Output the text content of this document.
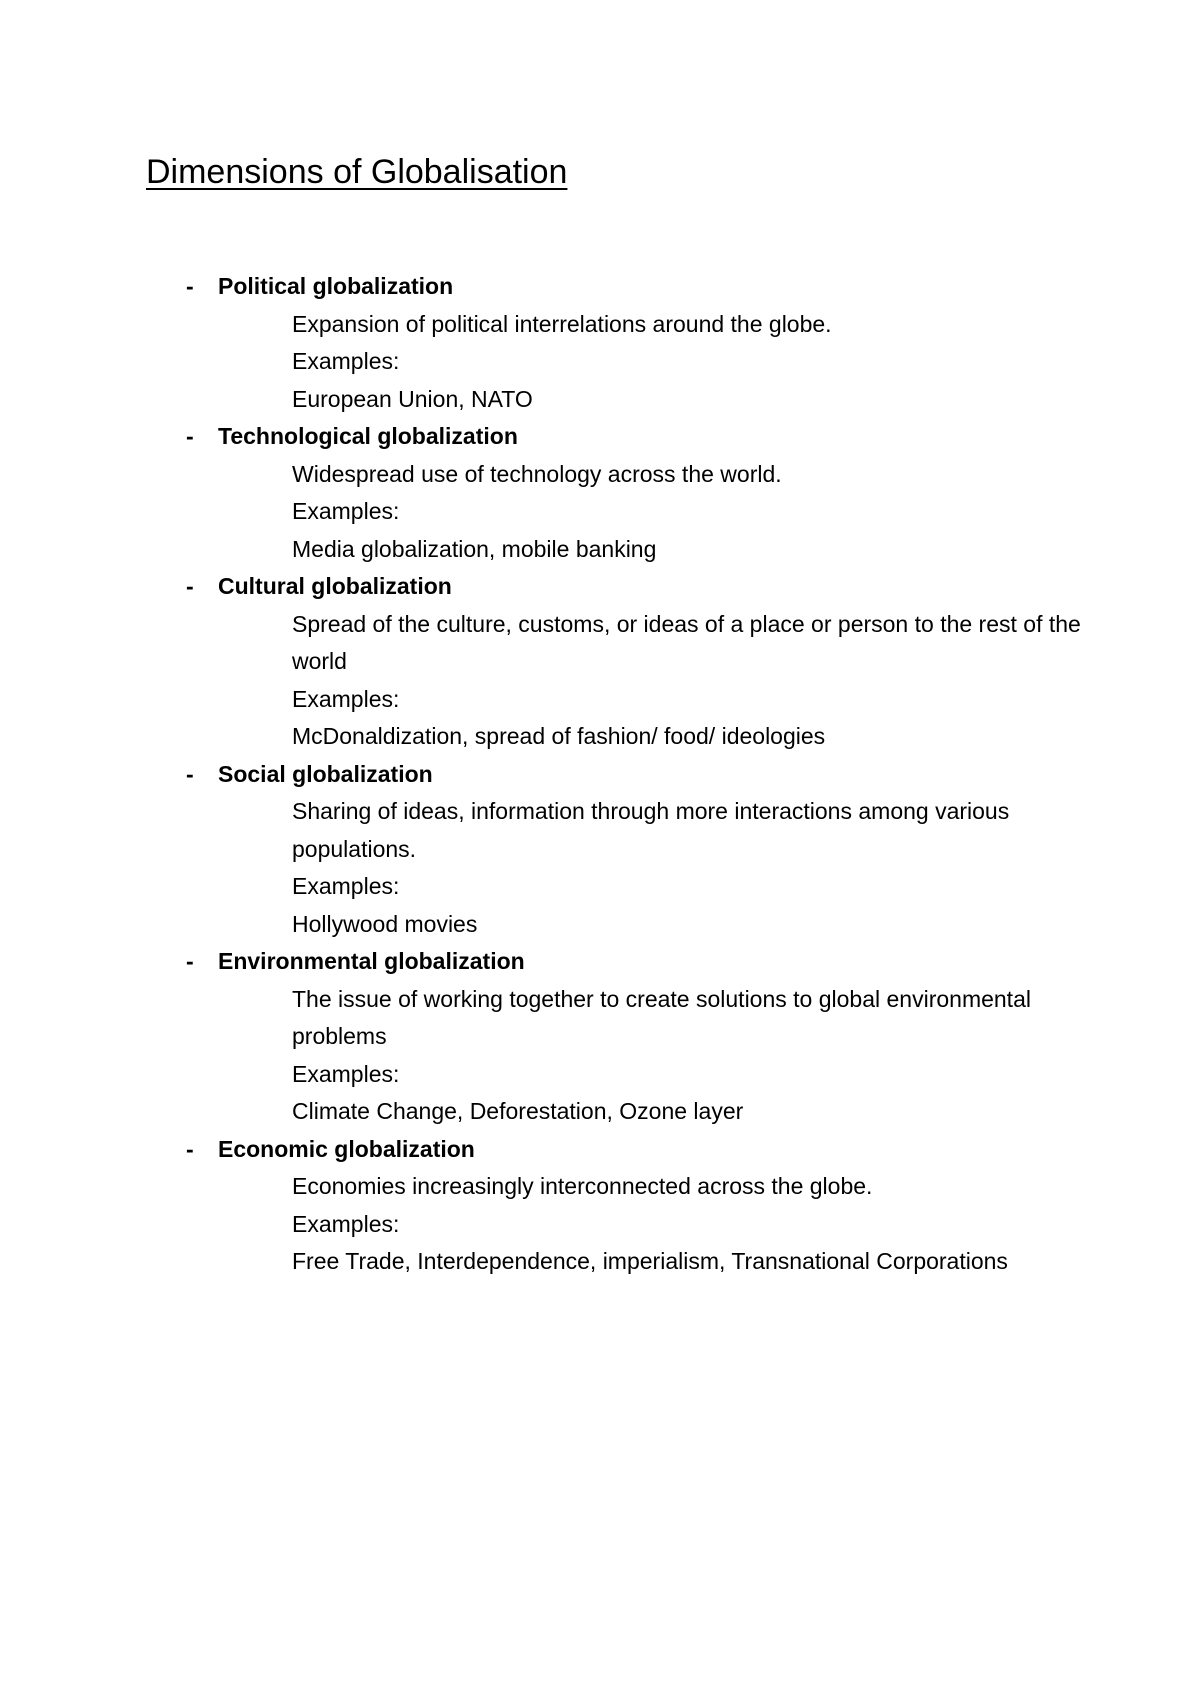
Dimensions of Globalisation
- Political globalization
Expansion of political interrelations around the globe.
Examples:
European Union, NATO
- Technological globalization
Widespread use of technology across the world.
Examples:
Media globalization, mobile banking
- Cultural globalization
Spread of the culture, customs, or ideas of a place or person to the rest of the world
Examples:
McDonaldization, spread of fashion/ food/ ideologies
- Social globalization
Sharing of ideas, information through more interactions among various populations.
Examples:
Hollywood movies
- Environmental globalization
The issue of working together to create solutions to global environmental problems
Examples:
Climate Change, Deforestation, Ozone layer
- Economic globalization
Economies increasingly interconnected across the globe.
Examples:
Free Trade, Interdependence, imperialism, Transnational Corporations
